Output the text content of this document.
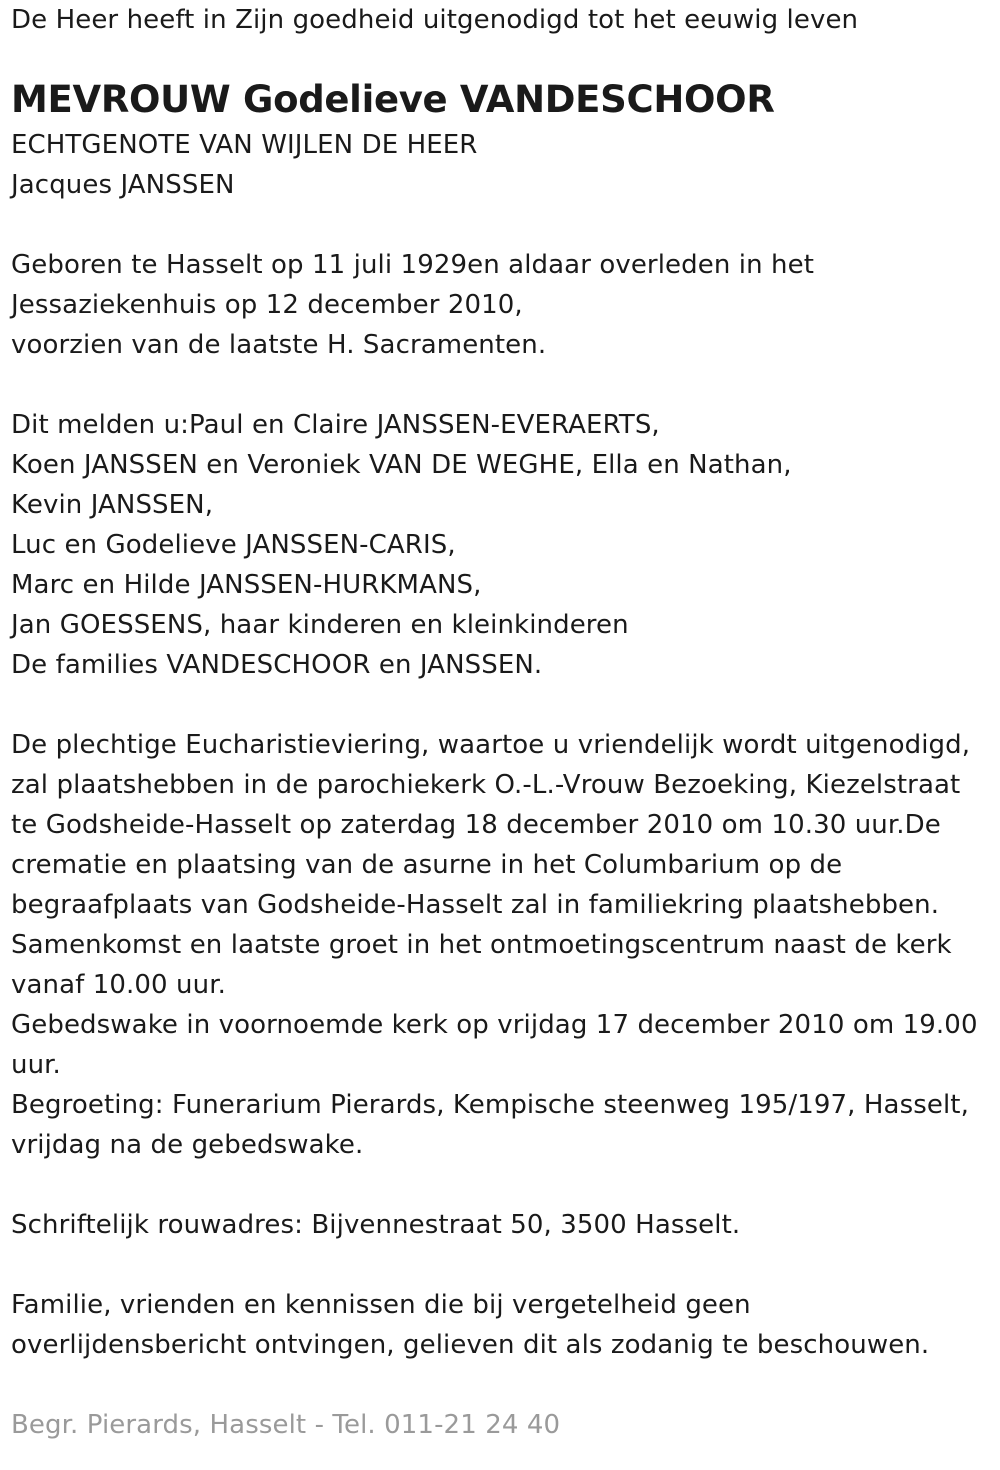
De Heer heeft in Zijn goedheid uitgenodigd tot het eeuwig leven
MEVROUW Godelieve VANDESCHOOR
ECHTGENOTE VAN WIJLEN DE HEER
Jacques JANSSEN
Geboren te Hasselt op 11 juli 1929en aldaar overleden in het
Jessaziekenhuis op 12 december 2010,
voorzien van de laatste H. Sacramenten.
Dit melden u:Paul en Claire JANSSEN-EVERAERTS,
Koen JANSSEN en Veroniek VAN DE WEGHE, Ella en Nathan,
Kevin JANSSEN,
Luc en Godelieve JANSSEN-CARIS,
Marc en Hilde JANSSEN-HURKMANS,
Jan GOESSENS, haar kinderen en kleinkinderen
De families VANDESCHOOR en JANSSEN.
De plechtige Eucharistieviering, waartoe u vriendelijk wordt uitgenodigd,
zal plaatshebben in de parochiekerk O.-L.-Vrouw Bezoeking, Kiezelstraat
te Godsheide-Hasselt op zaterdag 18 december 2010 om 10.30 uur.De
crematie en plaatsing van de asurne in het Columbarium op de
begraafplaats van Godsheide-Hasselt zal in familiekring plaatshebben.
Samenkomst en laatste groet in het ontmoetingscentrum naast de kerk
vanaf 10.00 uur.
Gebedswake in voornoemde kerk op vrijdag 17 december 2010 om 19.00
uur.
Begroeting: Funerarium Pierards, Kempische steenweg 195/197, Hasselt,
vrijdag na de gebedswake.
Schriftelijk rouwadres: Bijvennestraat 50, 3500 Hasselt.
Familie, vrienden en kennissen die bij vergetelheid geen
overlijdensbericht ontvingen, gelieven dit als zodanig te beschouwen.
Begr. Pierards, Hasselt - Tel. 011-21 24 40
